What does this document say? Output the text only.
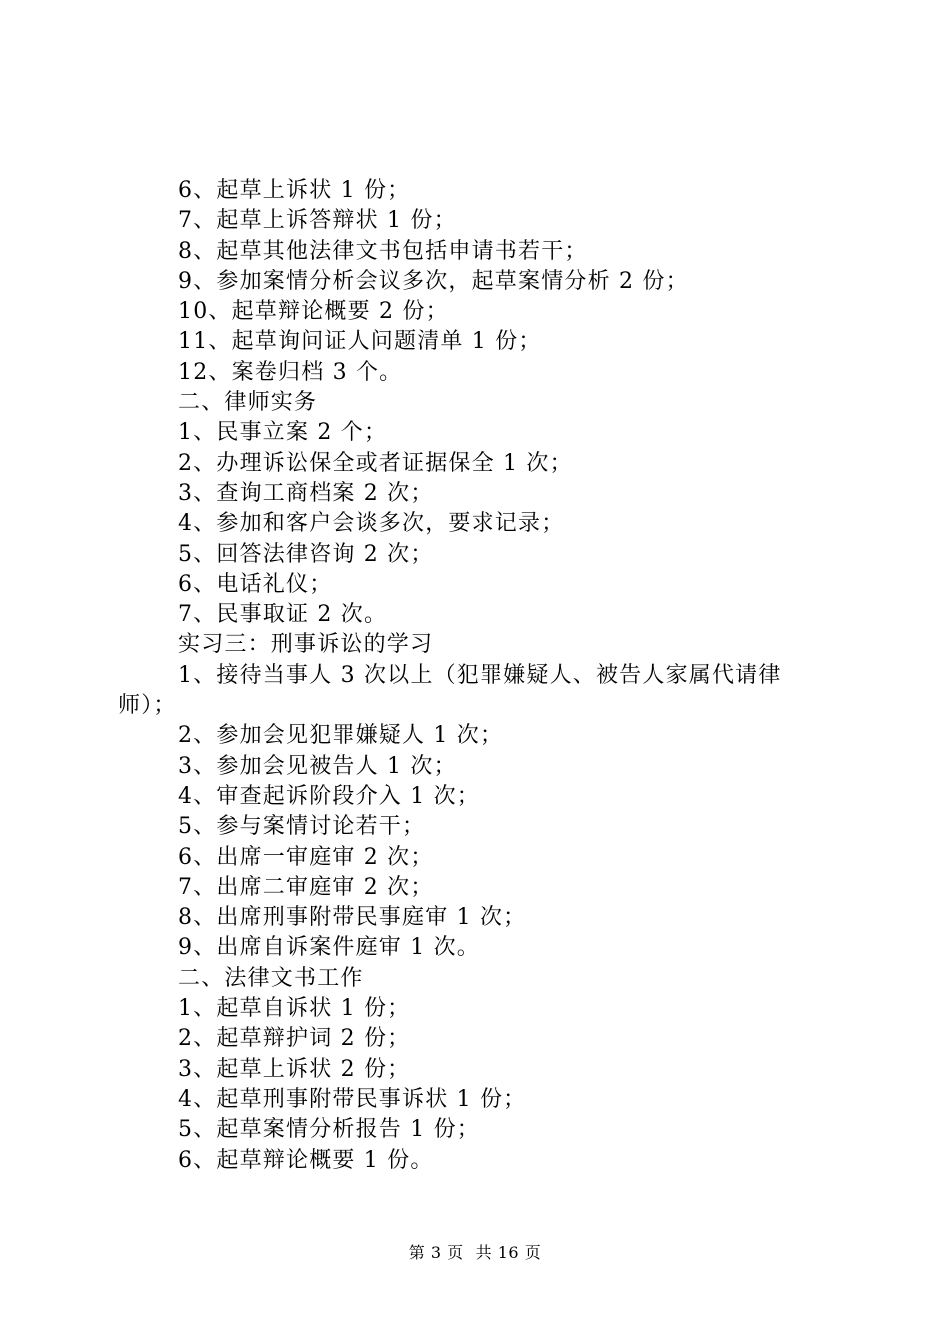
6、起草上诉状 1 份；
7、起草上诉答辩状 1 份；
8、起草其他法律文书包括申请书若干；
9、参加案情分析会议多次，起草案情分析 2 份；
10、起草辩论概要 2 份；
11、起草询问证人问题清单 1 份；
12、案卷归档 3 个。
二、律师实务
1、民事立案 2 个；
2、办理诉讼保全或者证据保全 1 次；
3、查询工商档案 2 次；
4、参加和客户会谈多次，要求记录；
5、回答法律咨询 2 次；
6、电话礼仪；
7、民事取证 2 次。
实习三：刑事诉讼的学习
1、接待当事人 3 次以上（犯罪嫌疑人、被告人家属代请律
师）；
2、参加会见犯罪嫌疑人 1 次；
3、参加会见被告人 1 次；
4、审查起诉阶段介入 1 次；
5、参与案情讨论若干；
6、出席一审庭审 2 次；
7、出席二审庭审 2 次；
8、出席刑事附带民事庭审 1 次；
9、出席自诉案件庭审 1 次。
二、法律文书工作
1、起草自诉状 1 份；
2、起草辩护词 2 份；
3、起草上诉状 2 份；
4、起草刑事附带民事诉状 1 份；
5、起草案情分析报告 1 份；
6、起草辩论概要 1 份。
第 3 页 共 16 页
